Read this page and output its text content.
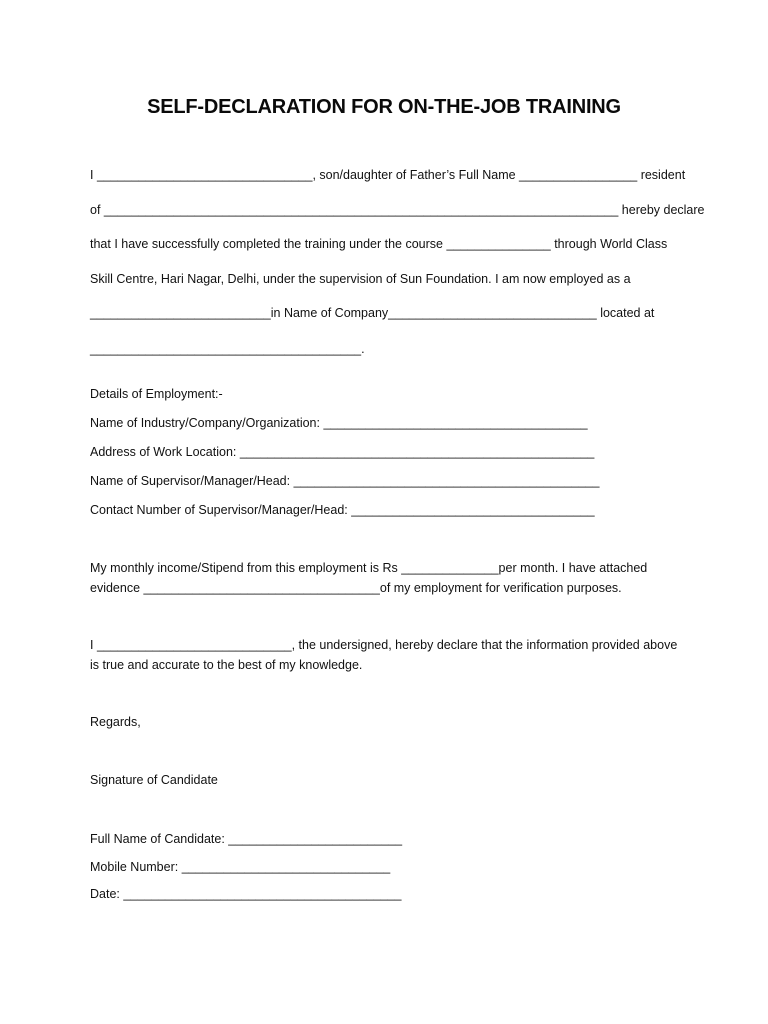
SELF-DECLARATION FOR ON-THE-JOB TRAINING
I _______________________________, son/daughter of Father’s Full Name _________________ resident
of __________________________________________________________________________ hereby declare
that I have successfully completed the training under the course _______________ through World Class
Skill Centre, Hari Nagar, Delhi, under the supervision of Sun Foundation. I am now employed as a
__________________________in Name of Company______________________________ located at
_______________________________________.
Details of Employment:-
Name of Industry/Company/Organization: ______________________________________
Address of Work Location: ___________________________________________________
Name of Supervisor/Manager/Head: ____________________________________________
Contact Number of Supervisor/Manager/Head: ___________________________________
My monthly income/Stipend from this employment is Rs ______________per month. I have attached evidence __________________________________of my employment for verification purposes.
I ____________________________, the undersigned, hereby declare that the information provided above is true and accurate to the best of my knowledge.
Regards,
Signature of Candidate
Full Name of Candidate: _________________________
Mobile Number: ______________________________
Date: ________________________________________
